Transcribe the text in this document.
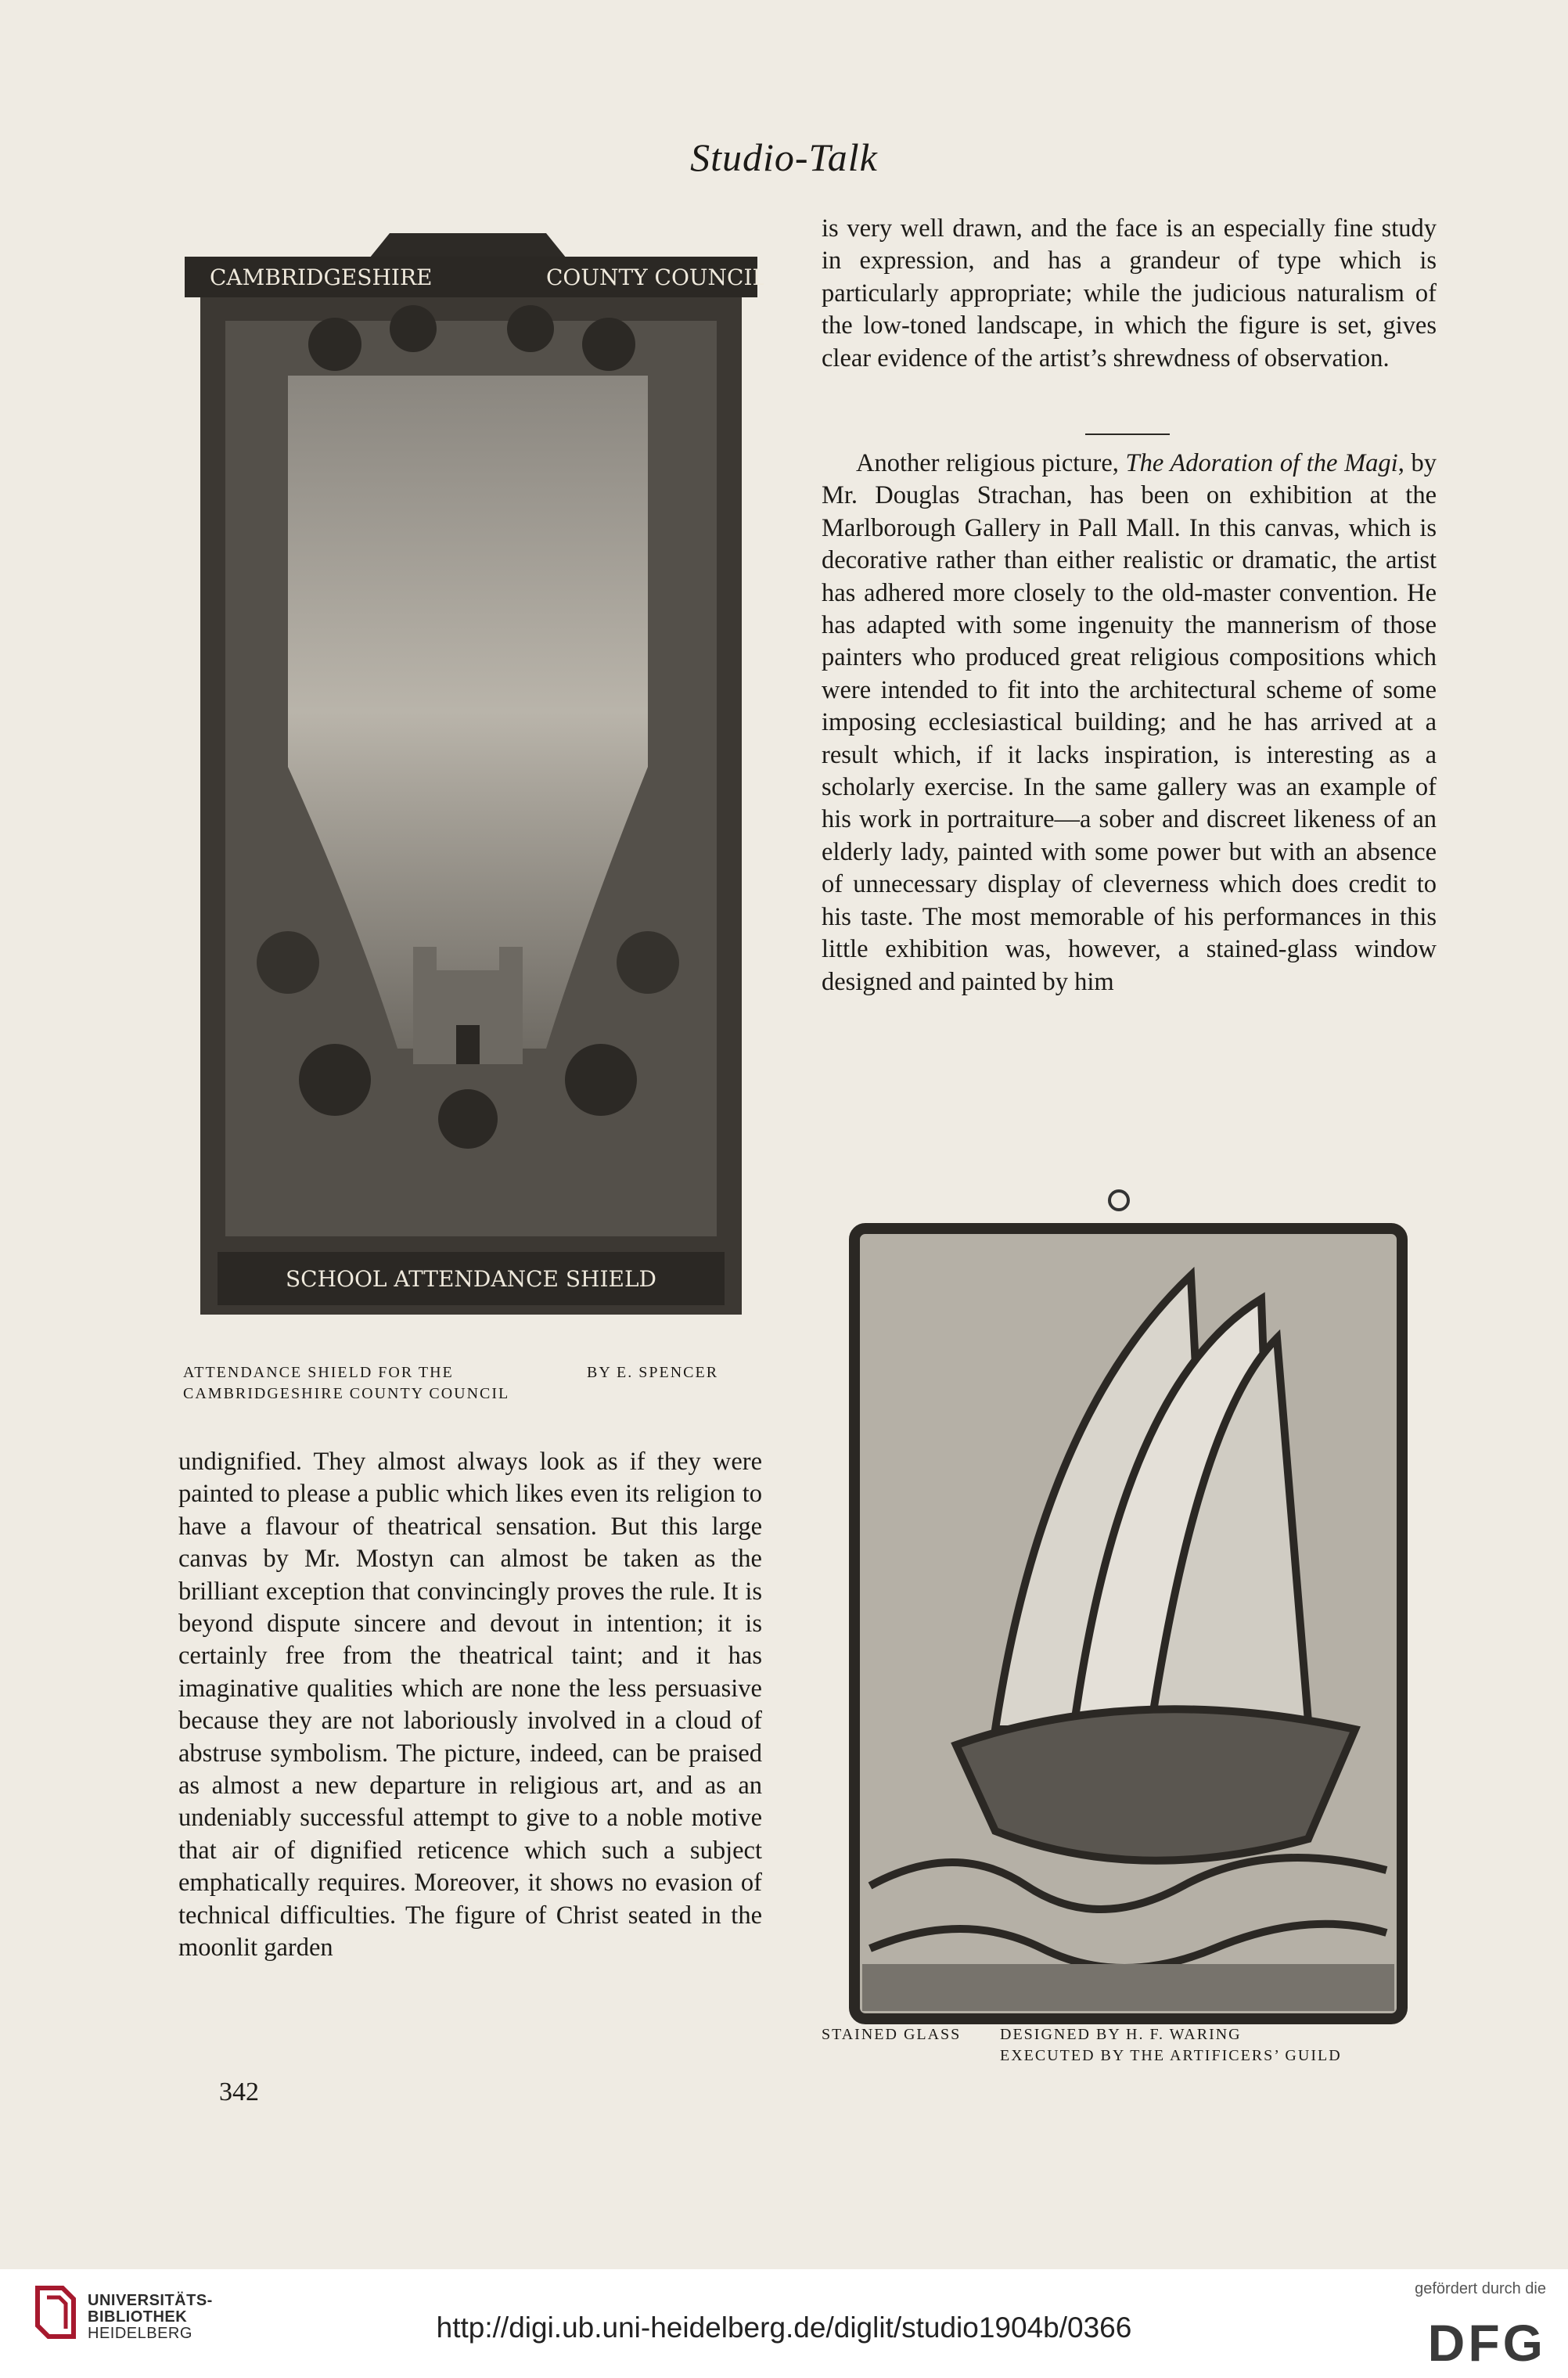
Studio-Talk

is very well drawn, and the face is an especially fine study in expression, and has a grandeur of type which is particularly appropriate; while the judicious naturalism of the low-toned landscape, in which the figure is set, gives clear evidence of the artist’s shrewdness of observation.

Another religious picture, The Adoration of the Magi, by Mr. Douglas Strachan, has been on exhibition at the Marlborough Gallery in Pall Mall. In this canvas, which is decorative rather than either realistic or dramatic, the artist has adhered more closely to the old-master convention. He has adapted with some ingenuity the mannerism of those painters who produced great religious compositions which were intended to fit into the architectural scheme of some imposing ecclesiastical building; and he has arrived at a result which, if it lacks inspiration, is interesting as a scholarly exercise. In the same gallery was an example of his work in portraiture—a sober and discreet likeness of an elderly lady, painted with some power but with an absence of unnecessary display of cleverness which does credit to his taste. The most memorable of his performances in this little exhibition was, however, a stained-glass window designed and painted by him

CAMBRIDGESHIRE	COUNTY COUNCIL
SCHOOL ATTENDANCE SHIELD
ATTENDANCE SHIELD FOR THE
CAMBRIDGESHIRE COUNTY COUNCIL
BY E. SPENCER

undignified. They almost always look as if they were painted to please a public which likes even its religion to have a flavour of theatrical sensation. But this large canvas by Mr. Mostyn can almost be taken as the brilliant exception that convincingly proves the rule. It is beyond dispute sincere and devout in intention; it is certainly free from the theatrical taint; and it has imaginative qualities which are none the less persuasive because they are not laboriously involved in a cloud of abstruse symbolism. The picture, indeed, can be praised as almost a new departure in religious art, and as an undeniably successful attempt to give to a noble motive that air of dignified reticence which such a subject emphatically requires. Moreover, it shows no evasion of technical difficulties. The figure of Christ seated in the moonlit garden

STAINED GLASS DESIGNED BY H. F. WARING
EXECUTED BY THE ARTIFICERS’ GUILD
342
UNIVERSITÄTS-
BIBLIOTHEK
HEIDELBERG	http://digi.ub.uni-heidelberg.de/diglit/studio1904b/0366
gefördert durch die
DFG
